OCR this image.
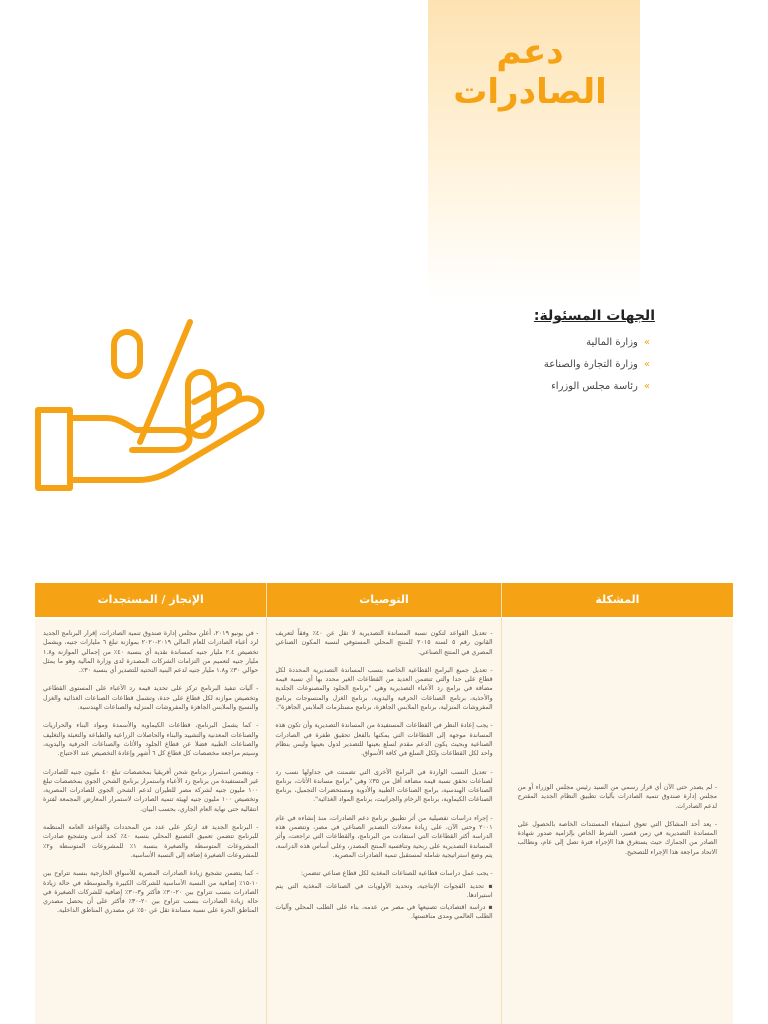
دعم
الصادرات
الجهات المسئولة:
»وزارة المالية
»وزارة التجارة والصناعة
»رئاسة مجلس الوزراء
المشكلة

- لم يصدر حتى الآن أي قرار رسمي من السيد رئيس مجلس الوزراء أو من مجلس إدارة صندوق تنمية الصادرات بآليات تطبيق النظام الجديد المقترح لدعم الصادرات.

- يعد أحد المشاكل التي تعوق استيفاء المستندات الخاصة بالحصول على المساندة التصديرية في زمن قصير، الشرط الخاص بإلزامية صدور شهادة الصادر من الجمارك حيث يستغرق هذا الإجراء فترة تصل إلى عام، ونطالب الاتحاد مراجعة هذا الإجراء للتصحيح.

التوصيات

- تعديل القواعد لتكون نسبة المساندة التصديرية لا تقل عن ٤٠٪ وفقاً لتعريف القانون رقم ٥ لسنة ٢٠١٥ للمنتج المحلي المستوفي لنسبة المكون الصناعي المصري في المنتج الصناعي.

- تعديل جميع البرامج القطاعية الخاصة بنسب المساندة التصديرية المحددة لكل قطاع على حدا والتي تتضمن العديد من القطاعات الغير محدد بها أي نسبة قيمة مضافة في برامج رد الأعباء التصديرية وهي "برنامج الجلود والمصنوعات الجلدية والأحذية، برنامج الصناعات الحرفية واليدوية، برنامج الغزل والمنسوجات برنامج المفروشات المنزلية، برنامج الملابس الجاهزة، برنامج مستلزمات الملابس الجاهزة".

- يجب إعادة النظر في القطاعات المستفيدة من المساندة التصديرية وأن تكون هذه المساندة موجهة إلى القطاعات التي يمكنها بالفعل تحقيق طفرة في الصادرات الصناعية وبحيث يكون الدعم مقدم لسلع بعينها للتصدير لدول بعينها وليس بنظام واحد لكل القطاعات ولكل السلع في كافة الأسواق.

- تعديل النسب الواردة في البرامج الأخرى التي تضمنت في جداولها نسب رد لصناعات تحقق نسبة قيمة مضافة أقل من ٣٥٪ وهي "برامج مساندة الأثاث، برنامج الصناعات الهندسية، برامج الصناعات الطبية والأدوية ومستحضرات التجميل، برنامج الصناعات الكيماوية، برنامج الرخام والجرانيت، برنامج المواد الغذائية".

- إجراء دراسات تفصيلية من أثر تطبيق برنامج دعم الصادرات، منذ إنشاءه في عام ٢٠٠١ وحتى الآن، على زيادة معدلات التصدير الصناعي في مصر، وتتضمن هذه الدراسة أكثر القطاعات التي استفادت من البرنامج، والقطاعات التي تراجعت، وأثر المساندة التصديرية على ربحية وتنافسية المنتج المصدر، وعلى أساس هذه الدراسة، يتم وضع استراتيجية شاملة لمستقبل تنمية الصادرات المصرية.

- يجب عمل دراسات قطاعية للصناعات المغذية لكل قطاع صناعي تتضمن:

▪ تحديد الفجوات الإنتاجية، وتحديد الأولويات في الصناعات المغذية التي يتم استيرادها.

▪ دراسة اقتصاديات تصنيعها في مصر من عدمه، بناء على الطلب المحلي وآليات الطلب العالمي ومدى منافستها.

الإنجاز / المستجدات

- في يونيو ٢٠١٩، أعلن مجلس إدارة صندوق تنمية الصادرات، إقرار البرنامج الجديد لرد أعباء الصادرات للعام المالي ٢٠١٩-٢٠٢٠ بموازنة تبلغ ٦ مليارات جنيه، ويشمل تخصيص ٢.٤ مليار جنيه كمساندة نقدية أي بنسبة ٤٠٪ من إجمالي الموازنة و١.٨ مليار جنيه لتعميم من التزامات الشركات المصدرة لدى وزارة المالية وهو ما يمثل حوالي ٣٠٪ و١.٨ مليار جنيه لدعم البنية التحتية للتصدير أي بنسبة ٣٠٪.

- آليات تنفيذ البرنامج تركز على تحديد قيمة رد الأعباء على المستوى القطاعي وتخصيص موازنة لكل قطاع على حدة، وتشمل قطاعات الصناعات الغذائية والغزل والنسيج والملابس الجاهزة والمفروشات المنزلية والصناعات الهندسية.

- كما يشمل البرنامج، قطاعات الكيماوية والأسمدة ومواد البناء والحراريات والصناعات المعدنية والتشييد والبناء والحاصلات الزراعية والطباعة والتعبئة والتغليف والصناعات الطبية فضلا عن قطاع الجلود والأثاث والصناعات الحرفية واليدوية، وسيتم مراجعة مخصصات كل قطاع كل ٦ أشهر وإعادة التخصيص عند الاحتياج.

- ويتضمن استمرار برنامج شحن أفريقيا بمخصصات تبلغ ٤٠ مليون جنيه للصادرات غير المستفيدة من برنامج رد الأعباء واستمرار برنامج الشحن الجوي بمخصصات تبلغ ١٠٠ مليون جنيه لشركة مصر للطيران لدعم الشحن الجوي للصادرات المصرية، وتخصيص ١٠٠ مليون جنيه لهيئة تنمية الصادرات لاستمرار المعارض المجمعة لفترة انتقالية حتى نهاية العام الجاري، بحسب البيان.

- البرنامج الجديد قد ارتكز على عدد من المحددات والقواعد العامة المنظمة للبرنامج تتضمن تعميق التصنيع المحلي بنسبة ٤٠٪ كحد أدنى وتشجيع صادرات المشروعات المتوسطة والصغيرة بنسبة ١٪ للمشروعات المتوسطة و٢٪ للمشروعات الصغيرة إضافة إلى النسبة الأساسية.

- كما يتضمن تشجيع زيادة الصادرات المصرية للأسواق الخارجية بنسبة تتراوح بين ١٠-١٥٪ إضافية من النسبة الأساسية للشركات الكبيرة والمتوسطة في حالة زيادة الصادرات بنسب تتراوح بين ٢٠-٣٠٪ فأكثر و٣-٣٠٪ إضافية للشركات الصغيرة في حالة زيادة الصادرات بنسب تتراوح بين ٢٠-٣٠٪ فأكثر على أن يحصل مصدري المناطق الحرة على نسبة مساندة تقل عن ٥٠٪ عن مصدري المناطق الداخلية.
